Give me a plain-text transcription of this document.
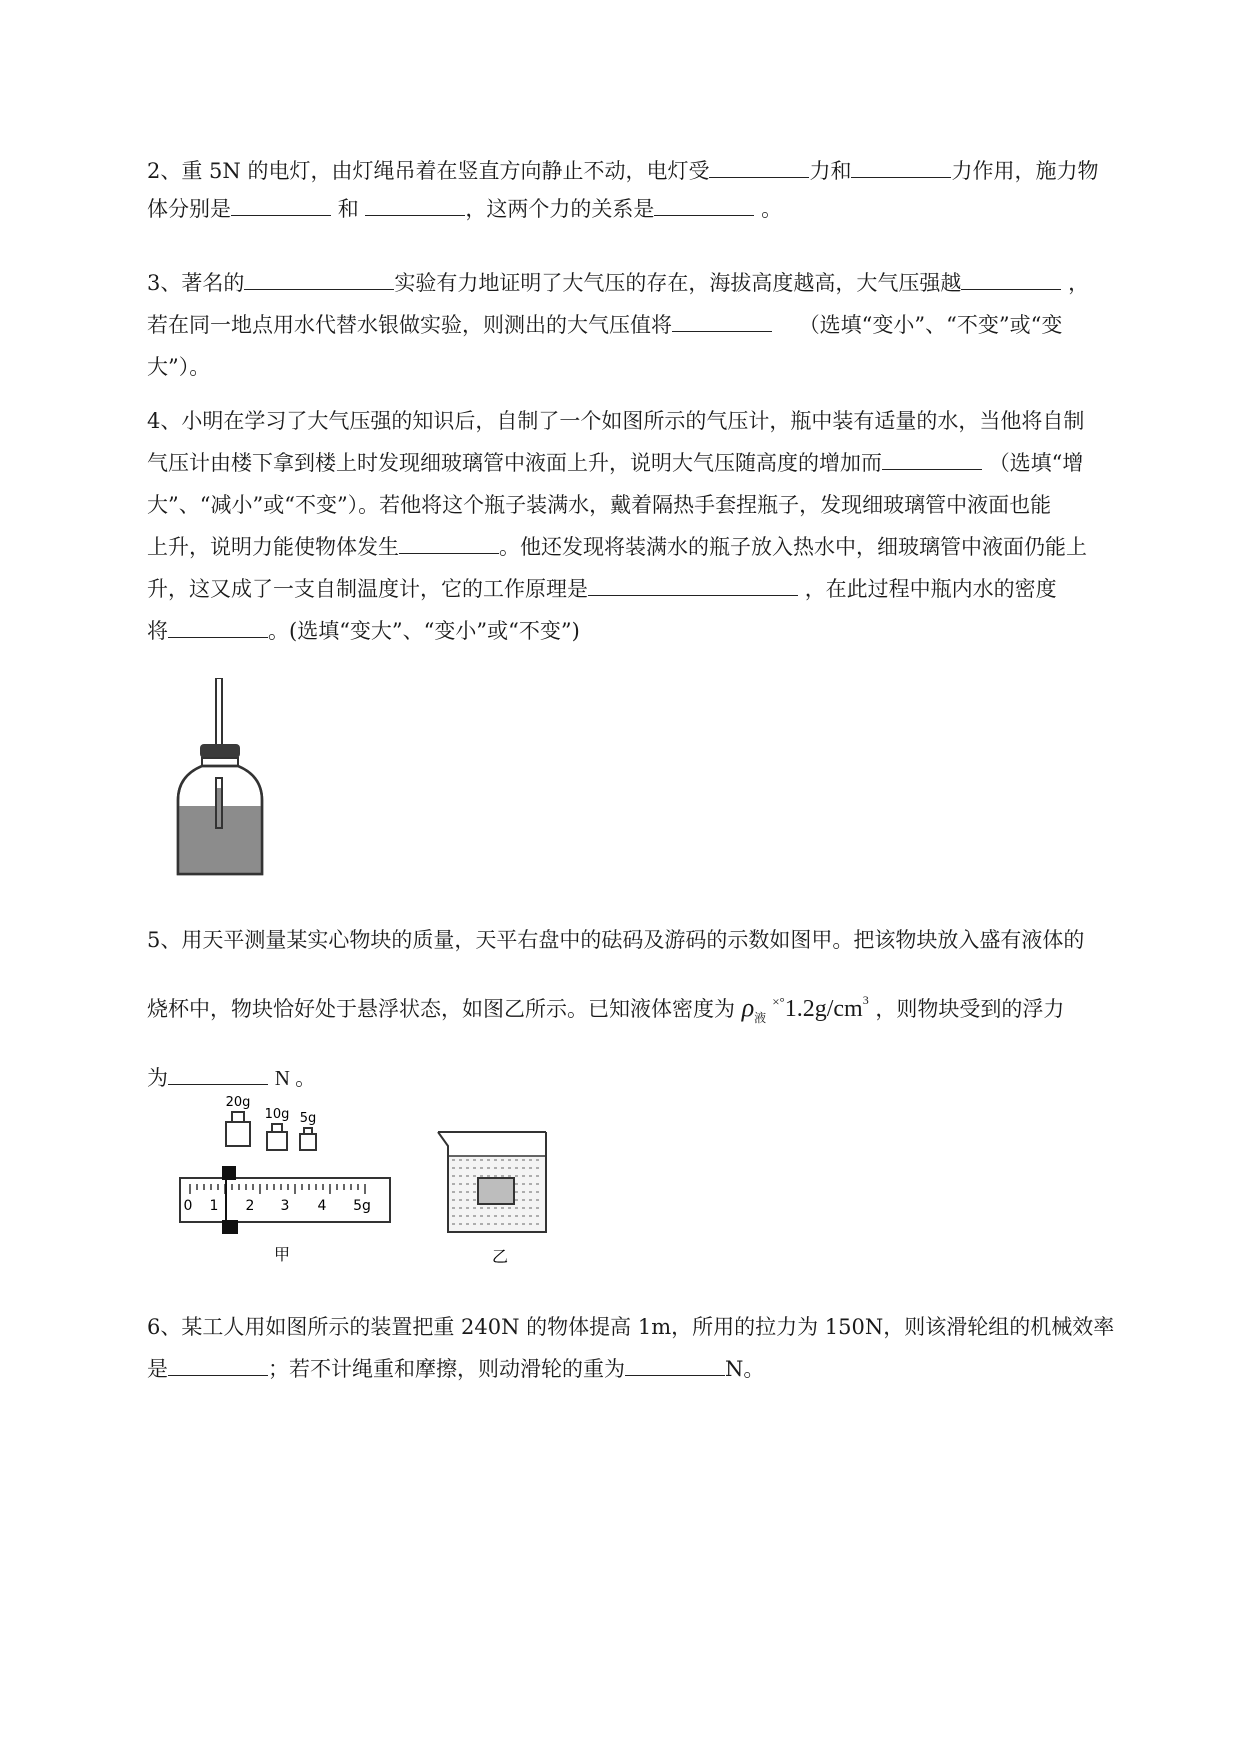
2、重 5N 的电灯，由灯绳吊着在竖直方向静止不动，电灯受	力和	力作用，施力物
体分别是	和	，这两个力的关系是	。
3、著名的	实验有力地证明了大气压的存在，海拔高度越高，大气压强越	，
若在同一地点用水代替水银做实验，则测出的大气压值将	（选填“变小”、“不变”或“变
大”）。
4、小明在学习了大气压强的知识后，自制了一个如图所示的气压计，瓶中装有适量的水，当他将自制
气压计由楼下拿到楼上时发现细玻璃管中液面上升，说明大气压随高度的增加而	（选填“增
大”、“减小”或“不变”）。若他将这个瓶子装满水，戴着隔热手套捏瓶子，发现细玻璃管中液面也能
上升，说明力能使物体发生	。他还发现将装满水的瓶子放入热水中，细玻璃管中液面仍能上
升，这又成了一支自制温度计，它的工作原理是	，在此过程中瓶内水的密度
将	。(选填“变大”、“变小”或“不变”)
5、用天平测量某实心物块的质量，天平右盘中的砝码及游码的示数如图甲。把该物块放入盛有液体的
烧杯中，物块恰好处于悬浮状态，如图乙所示。已知液体密度为 $\rho_液$ $^{\times^\circ}1.2g/cm^3$ ，则物块受到的浮力
为	N 。
20g
10g 5g
0 1 2 3 4 5g
甲	乙
6、某工人用如图所示的装置把重 240N 的物体提高 1m，所用的拉力为 150N，则该滑轮组的机械效率
是	；若不计绳重和摩擦，则动滑轮的重为	N。
